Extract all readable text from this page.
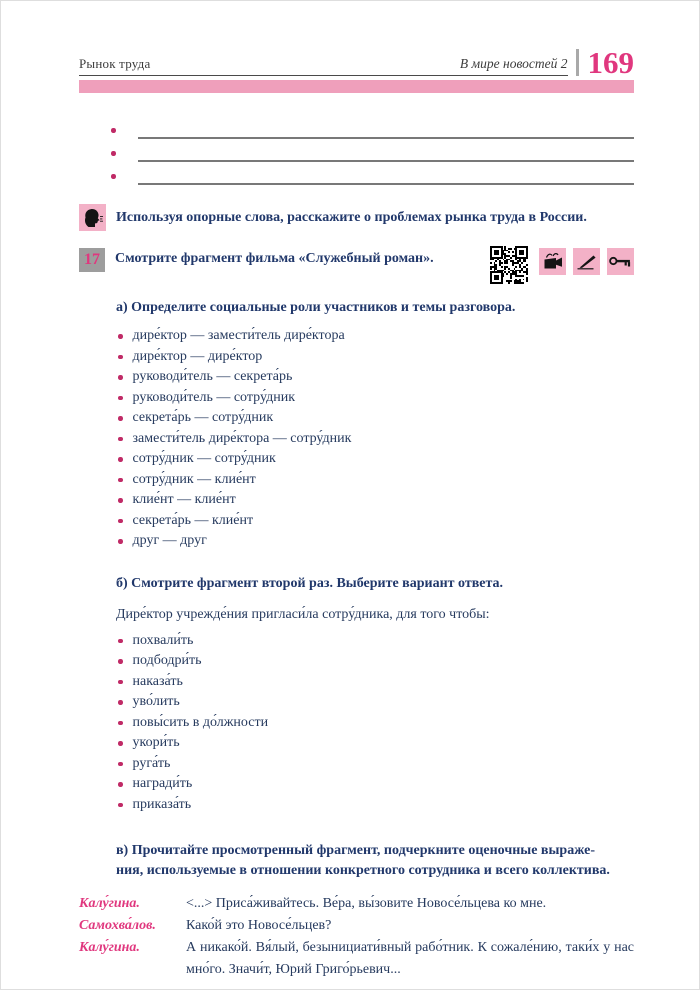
Рынок труда	В мире новостей 2 169
Используя опорные слова, расскажите о проблемах рынка труда в России.
17	Смотрите фрагмент фильма «Служебный роман».
а) Определите социальные роли участников и темы разговора.
дире́ктор — замести́тель дире́ктора
дире́ктор — дире́ктор
руководи́тель — секрета́рь
руководи́тель — сотру́дник
секрета́рь — сотру́дник
замести́тель дире́ктора — сотру́дник
сотру́дник — сотру́дник
сотру́дник — клие́нт
клие́нт — клие́нт
секрета́рь — клие́нт
друг — друг
б) Смотрите фрагмент второй раз. Выберите вариант ответа.
Дире́ктор учрежде́ния пригласи́ла сотру́дника, для того чтобы:
похвали́ть
подбодри́ть
наказа́ть
уво́лить
повы́сить в до́лжности
укори́ть
руга́ть
награди́ть
приказа́ть
в) Прочитайте просмотренный фрагмент, подчеркните оценочные выраже-
ния, используемые в отношении конкретного сотрудника и всего коллектива.
Калу́гина.	<...> Приса́живайтесь. Ве́ра, вы́зовите Новосе́льцева ко мне.
Самохва́лов.	Како́й это Новосе́льцев?
Калу́гина.	А никако́й. Вя́лый, безынициати́вный рабо́тник. К сожале́нию, таки́х у нас мно́го. Значи́т, Юрий Григо́рьевич...
